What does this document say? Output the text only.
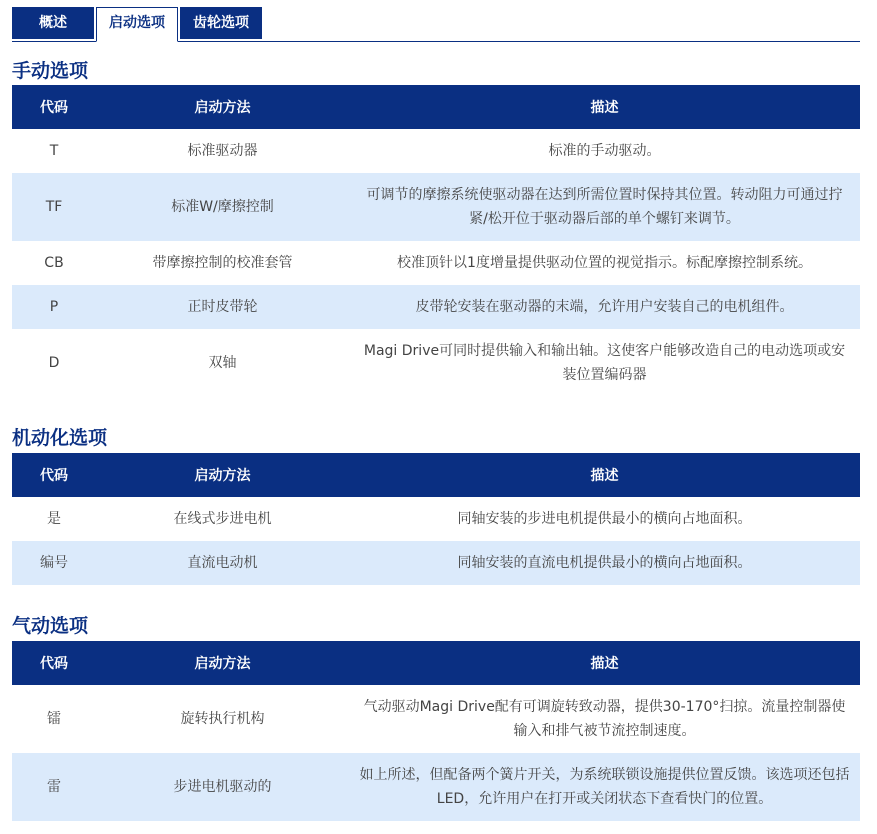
概述	启动选项	齿轮选项
手动选项
代码	启动方法	描述
T	标准驱动器	标准的手动驱动。
TF	标准W/摩擦控制	可调节的摩擦系统使驱动器在达到所需位置时保持其位置。转动阻力可通过拧紧/松开位于驱动器后部的单个螺钉来调节。
CB	带摩擦控制的校准套管	校准顶针以1度增量提供驱动位置的视觉指示。标配摩擦控制系统。
P	正时皮带轮	皮带轮安装在驱动器的末端，允许用户安装自己的电机组件。
D	双轴	Magi Drive可同时提供输入和输出轴。这使客户能够改造自己的电动选项或安装位置编码器
机动化选项
代码	启动方法	描述
是	在线式步进电机	同轴安装的步进电机提供最小的横向占地面积。
编号	直流电动机	同轴安装的直流电机提供最小的横向占地面积。
气动选项
代码	启动方法	描述
镭	旋转执行机构	气动驱动Magi Drive配有可调旋转致动器，提供30-170°扫掠。流量控制器使输入和排气被节流控制速度。
雷	步进电机驱动的	如上所述，但配备两个簧片开关，为系统联锁设施提供位置反馈。该选项还包括LED，允许用户在打开或关闭状态下查看快门的位置。
